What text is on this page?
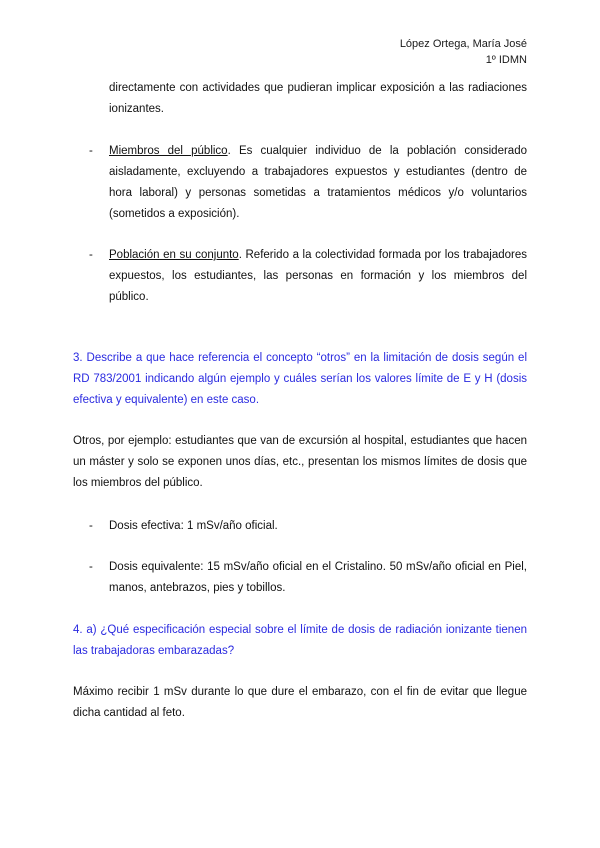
López Ortega, María José
1º IDMN
directamente con actividades que pudieran implicar exposición a las radiaciones ionizantes.
- Miembros del público. Es cualquier individuo de la población considerado aisladamente, excluyendo a trabajadores expuestos y estudiantes (dentro de hora laboral) y personas sometidas a tratamientos médicos y/o voluntarios (sometidos a exposición).
- Población en su conjunto. Referido a la colectividad formada por los trabajadores expuestos, los estudiantes, las personas en formación y los miembros del público.
3. Describe a que hace referencia el concepto “otros” en la limitación de dosis según el RD 783/2001 indicando algún ejemplo y cuáles serían los valores límite de E y H (dosis efectiva y equivalente) en este caso.
Otros, por ejemplo: estudiantes que van de excursión al hospital, estudiantes que hacen un máster y solo se exponen unos días, etc., presentan los mismos límites de dosis que los miembros del público.
- Dosis efectiva: 1 mSv/año oficial.
- Dosis equivalente: 15 mSv/año oficial en el Cristalino. 50 mSv/año oficial en Piel, manos, antebrazos, pies y tobillos.
4. a) ¿Qué especificación especial sobre el límite de dosis de radiación ionizante tienen las trabajadoras embarazadas?
Máximo recibir 1 mSv durante lo que dure el embarazo, con el fin de evitar que llegue dicha cantidad al feto.
